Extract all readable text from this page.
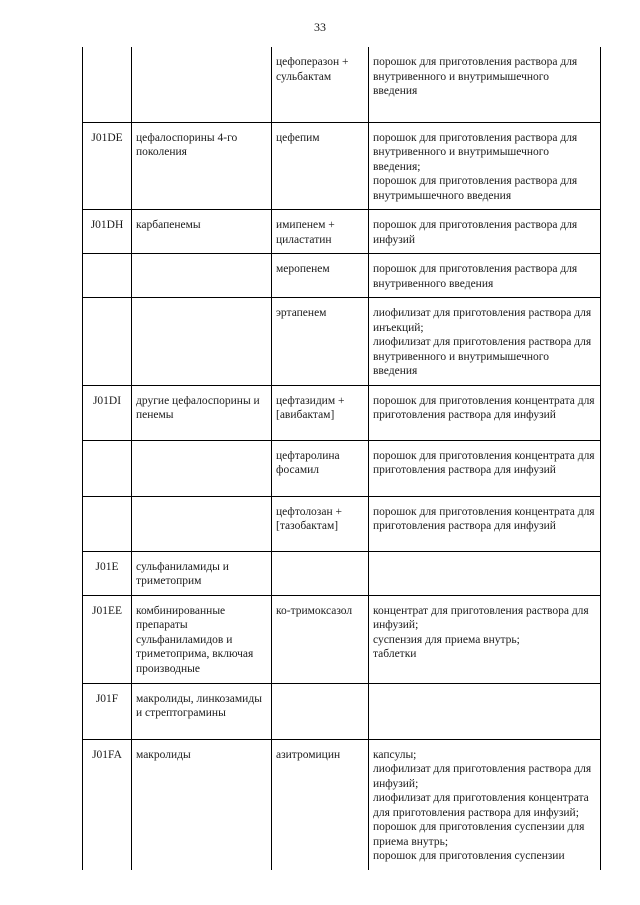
33
		цефоперазон + сульбактам	порошок для приготовления раствора для внутривенного и внутримышечного введения

J01DE	цефалоспорины 4-го поколения	цефепим	порошок для приготовления раствора для внутривенного и внутримышечного введения;
порошок для приготовления раствора для внутримышечного введения

J01DH	карбапенемы	имипенем + циластатин	порошок для приготовления раствора для инфузий

		меропенем	порошок для приготовления раствора для внутривенного введения

		эртапенем	лиофилизат для приготовления раствора для инъекций;
лиофилизат для приготовления раствора для внутривенного и внутримышечного введения

J01DI	другие цефалоспорины и пенемы	цефтазидим + [авибактам]	порошок для приготовления концентрата для приготовления раствора для инфузий

		цефтаролина фосамил	порошок для приготовления концентрата для приготовления раствора для инфузий

		цефтолозан + [тазобактам]	порошок для приготовления концентрата для приготовления раствора для инфузий

J01E	сульфаниламиды и триметоприм		
J01EE	комбинированные препараты сульфаниламидов и триметоприма, включая производные	ко-тримоксазол	концентрат для приготовления раствора для инфузий;
суспензия для приема внутрь;
таблетки

J01F	макролиды, линкозамиды и стрептограмины		
J01FA	макролиды	азитромицин	капсулы;
лиофилизат для приготовления раствора для инфузий;
лиофилизат для приготовления концентрата для приготовления раствора для инфузий;
порошок для приготовления суспензии для приема внутрь;
порошок для приготовления суспензии
